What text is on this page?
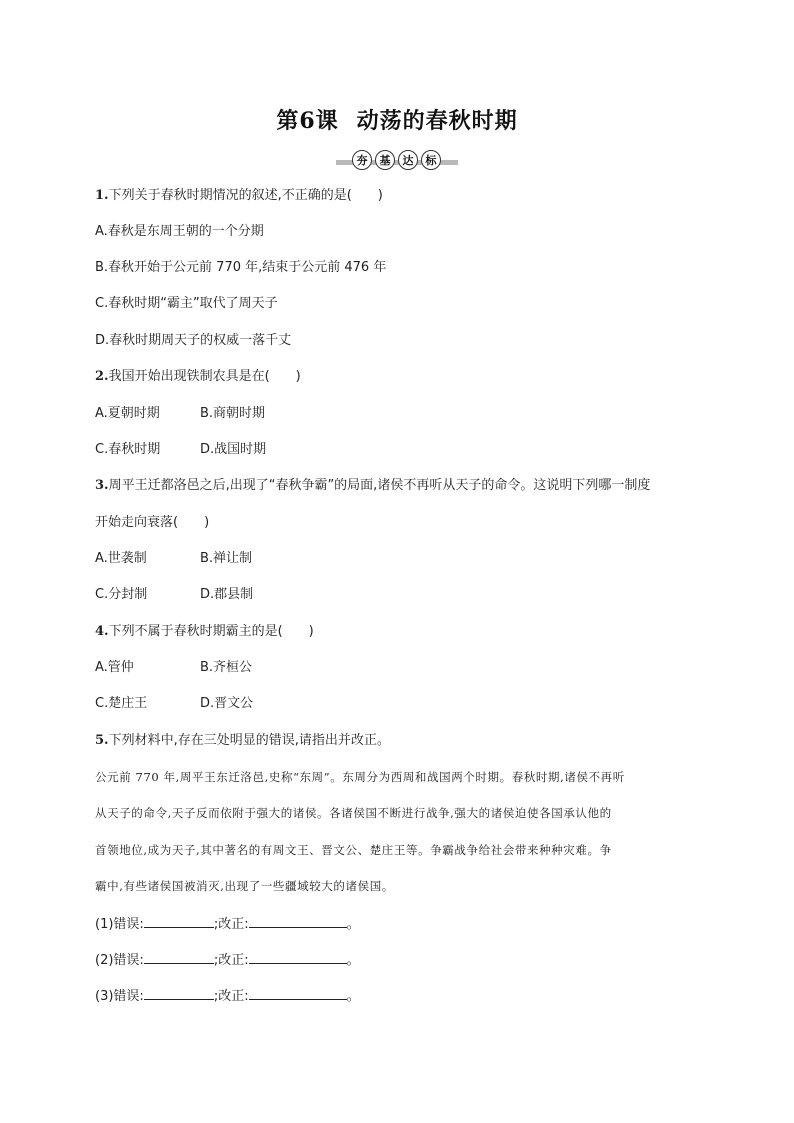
第6课 动荡的春秋时期
夯	基	达	标
1.下列关于春秋时期情况的叙述,不正确的是(　　)
A.春秋是东周王朝的一个分期
B.春秋开始于公元前 770 年,结束于公元前 476 年
C.春秋时期“霸主”取代了周天子
D.春秋时期周天子的权威一落千丈
2.我国开始出现铁制农具是在(　　)
A.夏朝时期	B.商朝时期
C.春秋时期	D.战国时期
3.周平王迁都洛邑之后,出现了“春秋争霸”的局面,诸侯不再听从天子的命令。这说明下列哪一制度
开始走向衰落(　　)
A.世袭制	B.禅让制
C.分封制	D.郡县制
4.下列不属于春秋时期霸主的是(　　)
A.管仲	B.齐桓公
C.楚庄王	D.晋文公
5.下列材料中,存在三处明显的错误,请指出并改正。
公元前 770 年,周平王东迁洛邑,史称“东周”。东周分为西周和战国两个时期。春秋时期,诸侯不再听
从天子的命令,天子反而依附于强大的诸侯。各诸侯国不断进行战争,强大的诸侯迫使各国承认他的
首领地位,成为天子,其中著名的有周文王、晋文公、楚庄王等。争霸战争给社会带来种种灾难。争
霸中,有些诸侯国被消灭,出现了一些疆域较大的诸侯国。
(1)错误:	;改正:	。
(2)错误:	;改正:	。
(3)错误:	;改正:	。
